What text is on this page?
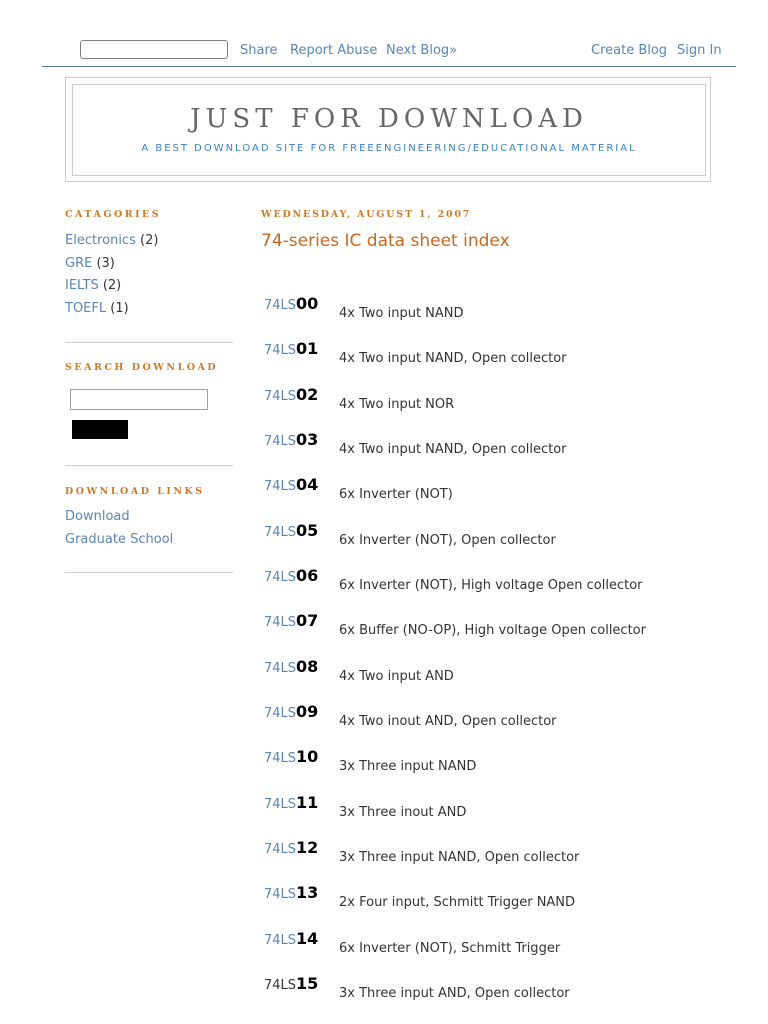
Share Report Abuse Next Blog»	Create Blog Sign In
JUST FOR DOWNLOAD
A BEST DOWNLOAD SITE FOR FREEENGINEERING/EDUCATIONAL MATERIAL
CATAGORIES
Electronics (2)
GRE (3)
IELTS (2)
TOEFL (1)
SEARCH DOWNLOAD
DOWNLOAD LINKS
Download
Graduate School
WEDNESDAY, AUGUST 1, 2007
74-series IC data sheet index
74LS00
4x Two input NAND
74LS01
4x Two input NAND, Open collector
74LS02
4x Two input NOR
74LS03
4x Two input NAND, Open collector
74LS04
6x Inverter (NOT)
74LS05
6x Inverter (NOT), Open collector
74LS06
6x Inverter (NOT), High voltage Open collector
74LS07
6x Buffer (NO-OP), High voltage Open collector
74LS08
4x Two input AND
74LS09
4x Two inout AND, Open collector
74LS10
3x Three input NAND
74LS11
3x Three inout AND
74LS12
3x Three input NAND, Open collector
74LS13
2x Four input, Schmitt Trigger NAND
74LS14
6x Inverter (NOT), Schmitt Trigger
74LS15
3x Three input AND, Open collector
